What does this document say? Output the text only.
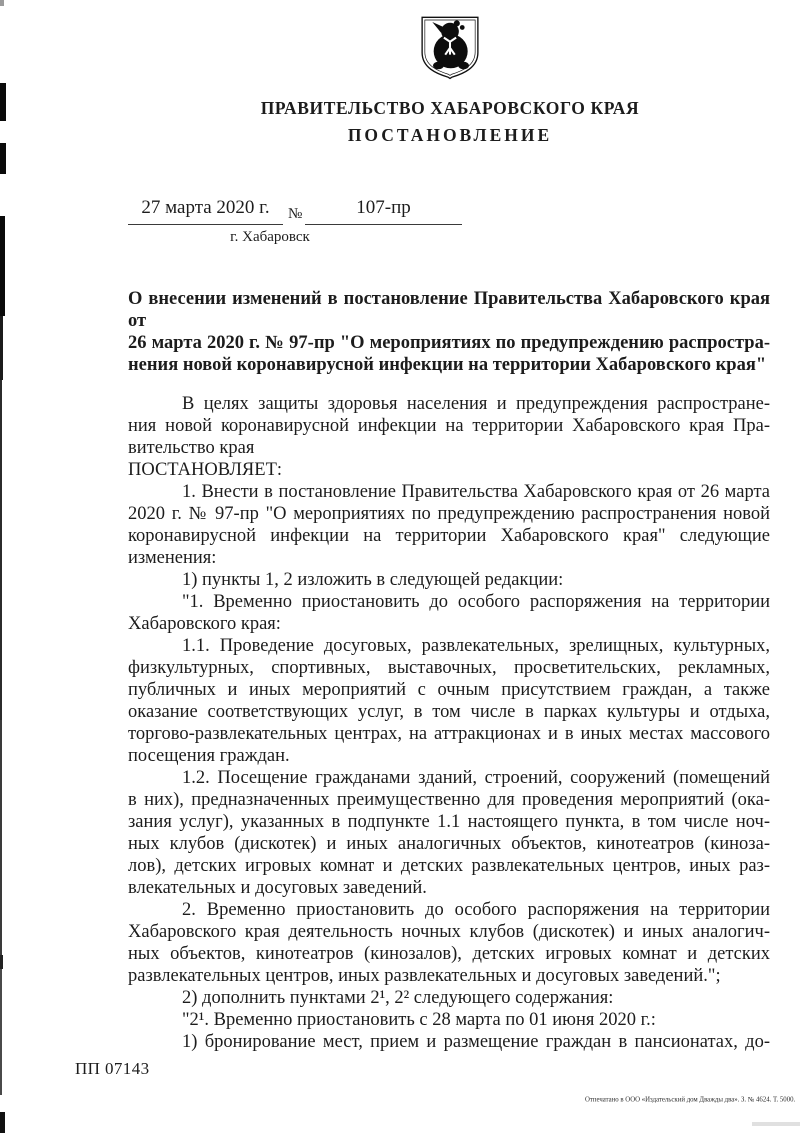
ПРАВИТЕЛЬСТВО ХАБАРОВСКОГО КРАЯ
ПОСТАНОВЛЕНИЕ
27 марта 2020 г.	№	107-пр
г. Хабаровск
О внесении изменений в постановление Правительства Хабаровского края от
26 марта 2020 г. № 97-пр "О мероприятиях по предупреждению распростра-
нения новой коронавирусной инфекции на территории Хабаровского края"
В целях защиты здоровья населения и предупреждения распростране-
ния новой коронавирусной инфекции на территории Хабаровского края Пра-
вительство края
ПОСТАНОВЛЯЕТ:
1. Внести в постановление Правительства Хабаровского края от 26 марта
2020 г. № 97-пр "О мероприятиях по предупреждению распространения новой
коронавирусной инфекции на территории Хабаровского края" следующие
изменения:
1) пункты 1, 2 изложить в следующей редакции:
"1. Временно приостановить до особого распоряжения на территории
Хабаровского края:
1.1. Проведение досуговых, развлекательных, зрелищных, культурных,
физкультурных, спортивных, выставочных, просветительских, рекламных,
публичных и иных мероприятий с очным присутствием граждан, а также
оказание соответствующих услуг, в том числе в парках культуры и отдыха,
торгово-развлекательных центрах, на аттракционах и в иных местах массового
посещения граждан.
1.2. Посещение гражданами зданий, строений, сооружений (помещений
в них), предназначенных преимущественно для проведения мероприятий (ока-
зания услуг), указанных в подпункте 1.1 настоящего пункта, в том числе ноч-
ных клубов (дискотек) и иных аналогичных объектов, кинотеатров (киноза-
лов), детских игровых комнат и детских развлекательных центров, иных раз-
влекательных и досуговых заведений.
2. Временно приостановить до особого распоряжения на территории
Хабаровского края деятельность ночных клубов (дискотек) и иных аналогич-
ных объектов, кинотеатров (кинозалов), детских игровых комнат и детских
развлекательных центров, иных развлекательных и досуговых заведений.";
2) дополнить пунктами 2¹, 2² следующего содержания:
"2¹. Временно приостановить с 28 марта по 01 июня 2020 г.:
1) бронирование мест, прием и размещение граждан в пансионатах, до-
ПП 07143
Отпечатано в ООО «Издательский дом Дважды два». З. № 4624. Т. 5000.
